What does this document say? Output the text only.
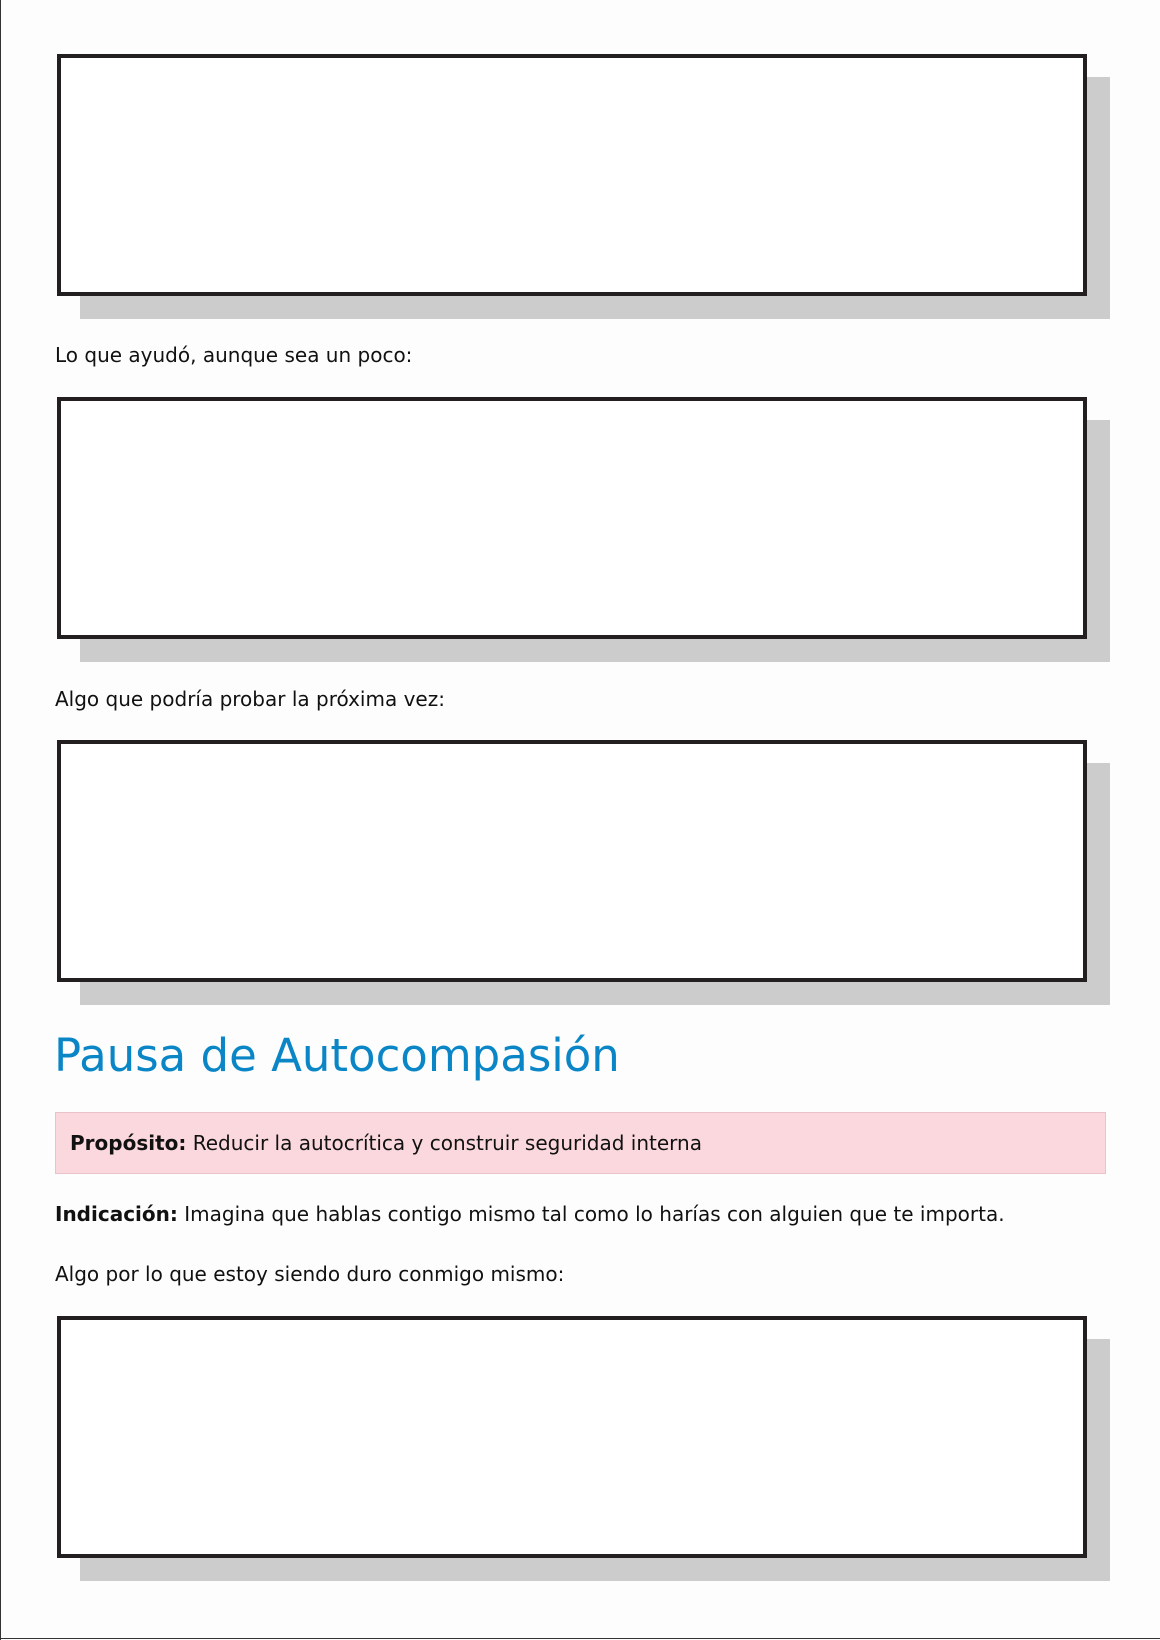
Lo que ayudó, aunque sea un poco:
Algo que podría probar la próxima vez:
Pausa de Autocompasión
Propósito: Reducir la autocrítica y construir seguridad interna
Indicación: Imagina que hablas contigo mismo tal como lo harías con alguien que te importa.
Algo por lo que estoy siendo duro conmigo mismo:
